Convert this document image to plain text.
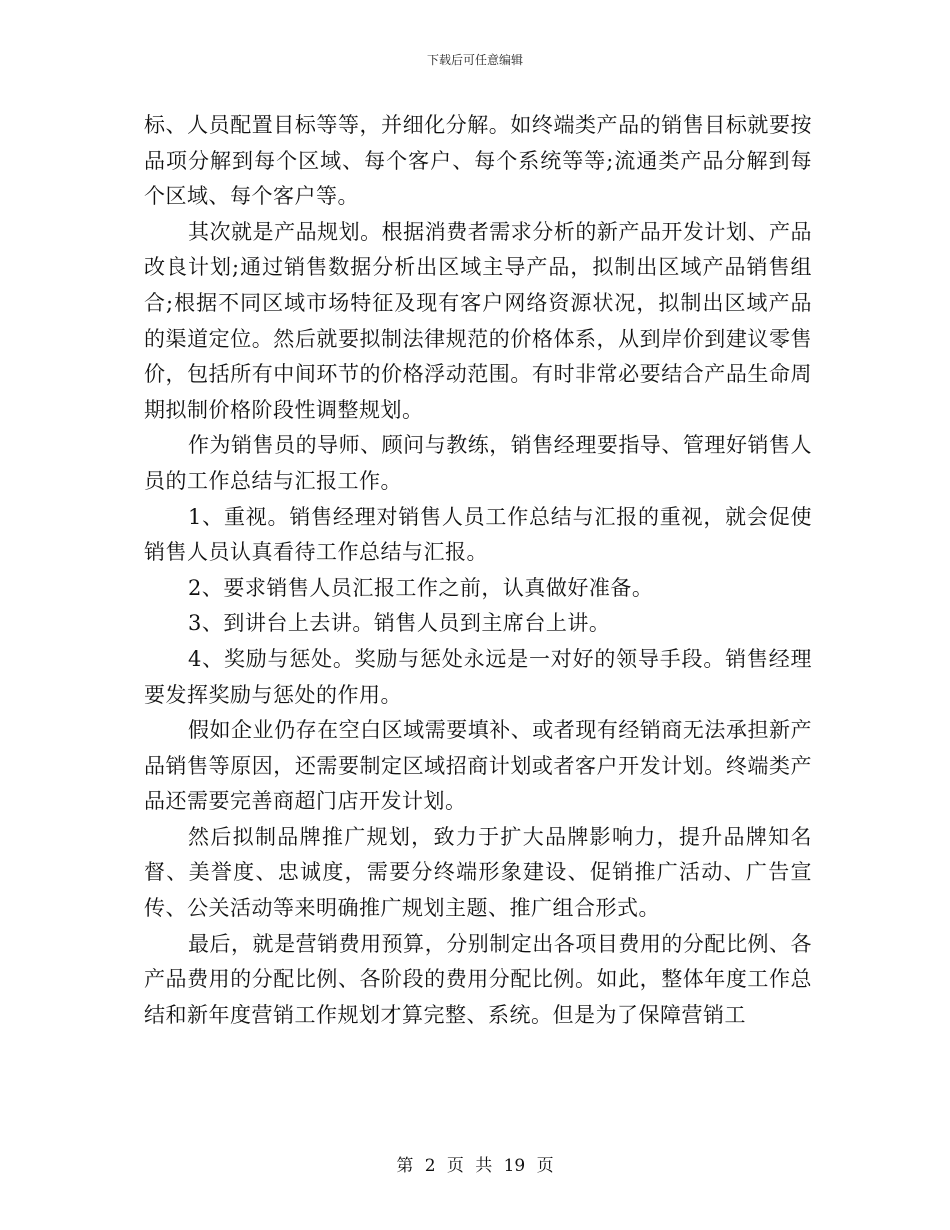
下载后可任意编辑

标、人员配置目标等等，并细化分解。如终端类产品的销售目标就要按品项分解到每个区域、每个客户、每个系统等等;流通类产品分解到每个区域、每个客户等。

其次就是产品规划。根据消费者需求分析的新产品开发计划、产品改良计划;通过销售数据分析出区域主导产品，拟制出区域产品销售组合;根据不同区域市场特征及现有客户网络资源状况，拟制出区域产品的渠道定位。然后就要拟制法律规范的价格体系，从到岸价到建议零售价，包括所有中间环节的价格浮动范围。有时非常必要结合产品生命周期拟制价格阶段性调整规划。

作为销售员的导师、顾问与教练，销售经理要指导、管理好销售人员的工作总结与汇报工作。

1、重视。销售经理对销售人员工作总结与汇报的重视，就会促使销售人员认真看待工作总结与汇报。

2、要求销售人员汇报工作之前，认真做好准备。

3、到讲台上去讲。销售人员到主席台上讲。

4、奖励与惩处。奖励与惩处永远是一对好的领导手段。销售经理要发挥奖励与惩处的作用。

假如企业仍存在空白区域需要填补、或者现有经销商无法承担新产品销售等原因，还需要制定区域招商计划或者客户开发计划。终端类产品还需要完善商超门店开发计划。

然后拟制品牌推广规划，致力于扩大品牌影响力，提升品牌知名督、美誉度、忠诚度，需要分终端形象建设、促销推广活动、广告宣传、公关活动等来明确推广规划主题、推广组合形式。

最后，就是营销费用预算，分别制定出各项目费用的分配比例、各产品费用的分配比例、各阶段的费用分配比例。如此，整体年度工作总结和新年度营销工作规划才算完整、系统。但是为了保障营销工

第 2 页 共 19 页
